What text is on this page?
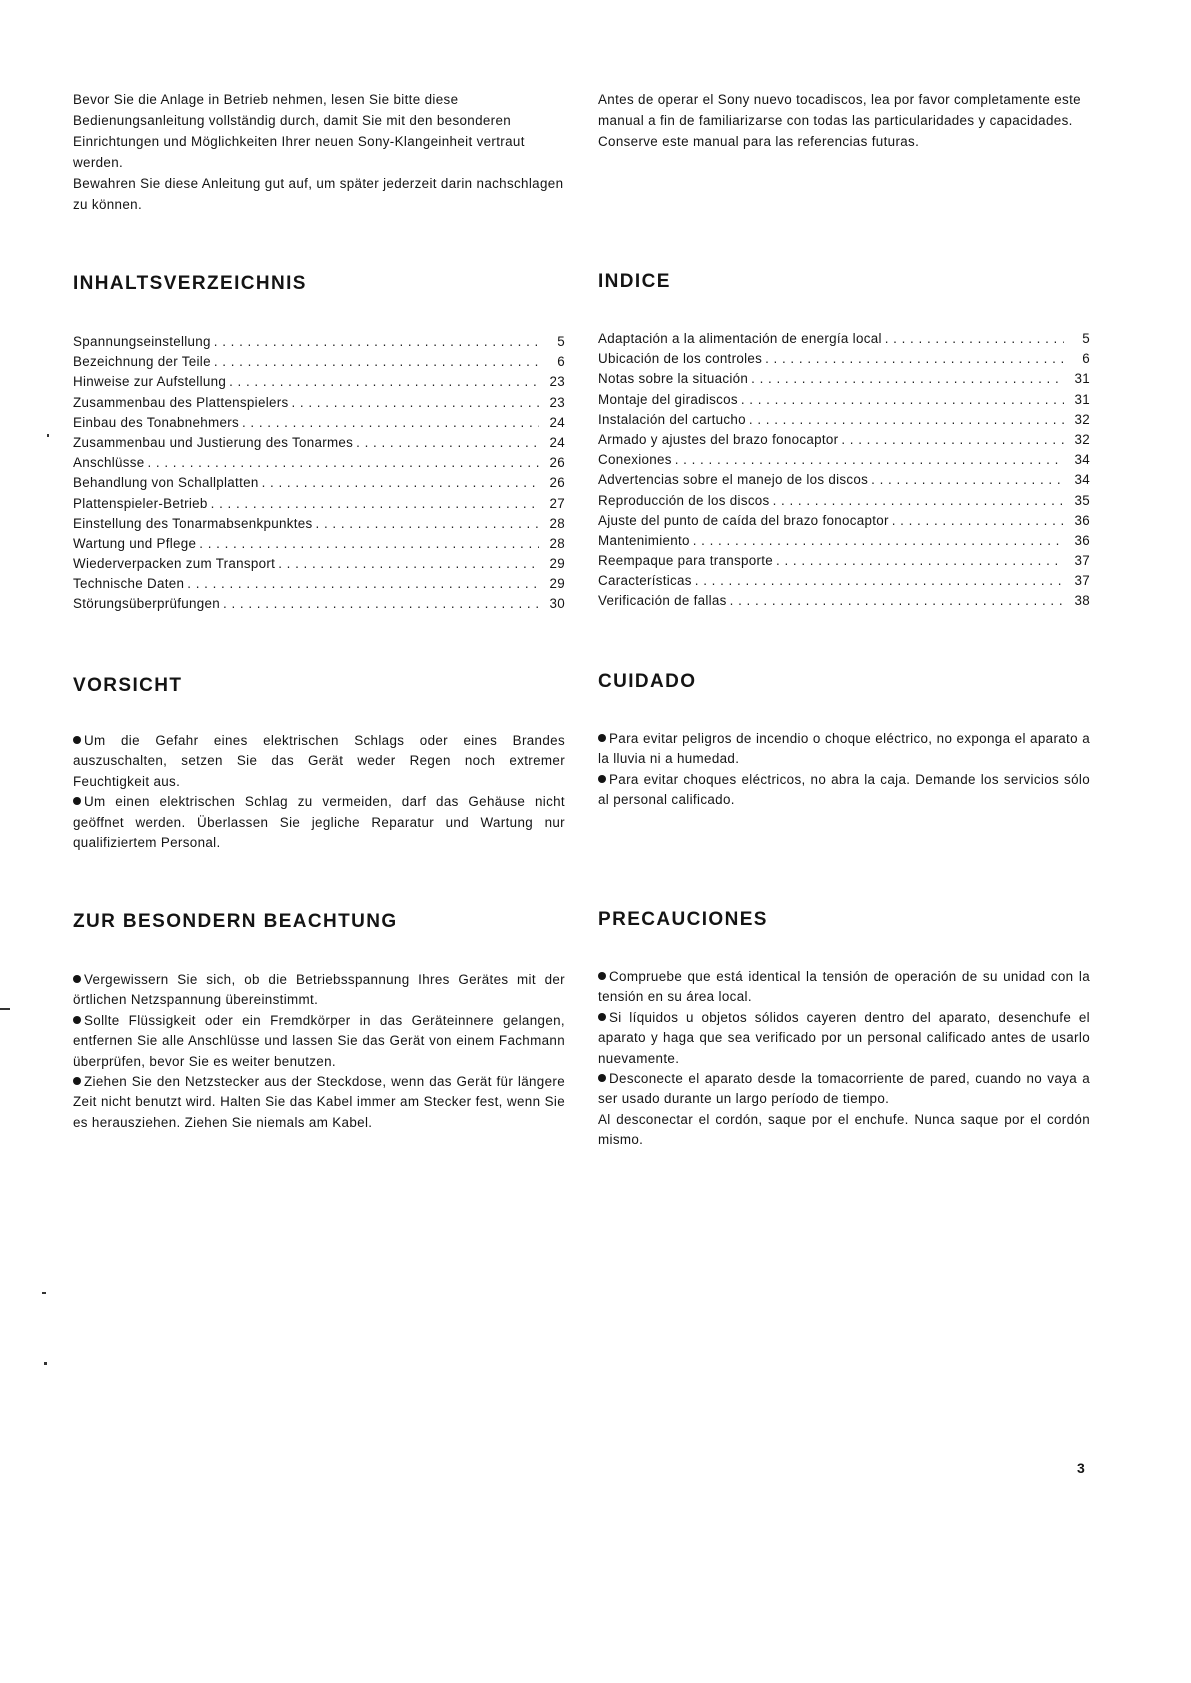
Bevor Sie die Anlage in Betrieb nehmen, lesen Sie bitte diese Bedienungsanleitung vollständig durch, damit Sie mit den besonderen Einrichtungen und Möglichkeiten Ihrer neuen Sony-Klangeinheit vertraut werden.

Bewahren Sie diese Anleitung gut auf, um später jederzeit darin nachschlagen zu können.

Antes de operar el Sony nuevo tocadiscos, lea por favor completamente este manual a fin de familiarizarse con todas las particularidades y capacidades.

Conserve este manual para las referencias futuras.

INHALTSVERZEICHNIS	INDICE
Spannungseinstellung . . .	5
Bezeichnung der Teile . . .	6
Hinweise zur Aufstellung . . .	23
Zusammenbau des Plattenspielers . . .	23
Einbau des Tonabnehmers . . .	24
Zusammenbau und Justierung des Tonarmes . . .	24
Anschlüsse . . .	26
Behandlung von Schallplatten . . .	26
Plattenspieler-Betrieb . . .	27
Einstellung des Tonarmabsenkpunktes . . .	28
Wartung und Pflege . . .	28
Wiederverpacken zum Transport . . .	29
Technische Daten . . .	29
Störungsüberprüfungen . . .	30
Adaptación a la alimentación de energía local . . .	5
Ubicación de los controles . . .	6
Notas sobre la situación . . .	31
Montaje del giradiscos . . .	31
Instalación del cartucho . . .	32
Armado y ajustes del brazo fonocaptor . . .	32
Conexiones . . .	34
Advertencias sobre el manejo de los discos . . .	34
Reproducción de los discos . . .	35
Ajuste del punto de caída del brazo fonocaptor . . .	36
Mantenimiento . . .	36
Reempaque para transporte . . .	37
Características . . .	37
Verificación de fallas . . .	38
VORSICHT	CUIDADO

Um die Gefahr eines elektrischen Schlags oder eines Brandes auszuschalten, setzen Sie das Gerät weder Regen noch extremer Feuchtigkeit aus.

Um einen elektrischen Schlag zu vermeiden, darf das Gehäuse nicht geöffnet werden. Überlassen Sie jegliche Reparatur und Wartung nur qualifiziertem Personal.

Para evitar peligros de incendio o choque eléctrico, no exponga el aparato a la lluvia ni a humedad.

Para evitar choques eléctricos, no abra la caja. Demande los servicios sólo al personal calificado.

ZUR BESONDERN BEACHTUNG	PRECAUCIONES

Vergewissern Sie sich, ob die Betriebsspannung Ihres Gerätes mit der örtlichen Netzspannung übereinstimmt.

Sollte Flüssigkeit oder ein Fremdkörper in das Geräteinnere gelangen, entfernen Sie alle Anschlüsse und lassen Sie das Gerät von einem Fachmann überprüfen, bevor Sie es weiter benutzen.

Ziehen Sie den Netzstecker aus der Steckdose, wenn das Gerät für längere Zeit nicht benutzt wird. Halten Sie das Kabel immer am Stecker fest, wenn Sie es herausziehen. Ziehen Sie niemals am Kabel.

Compruebe que está identical la tensión de operación de su unidad con la tensión en su área local.

Si líquidos u objetos sólidos cayeren dentro del aparato, desenchufe el aparato y haga que sea verificado por un personal calificado antes de usarlo nuevamente.

Desconecte el aparato desde la tomacorriente de pared, cuando no vaya a ser usado durante un largo período de tiempo.

Al desconectar el cordón, saque por el enchufe. Nunca saque por el cordón mismo.

3
